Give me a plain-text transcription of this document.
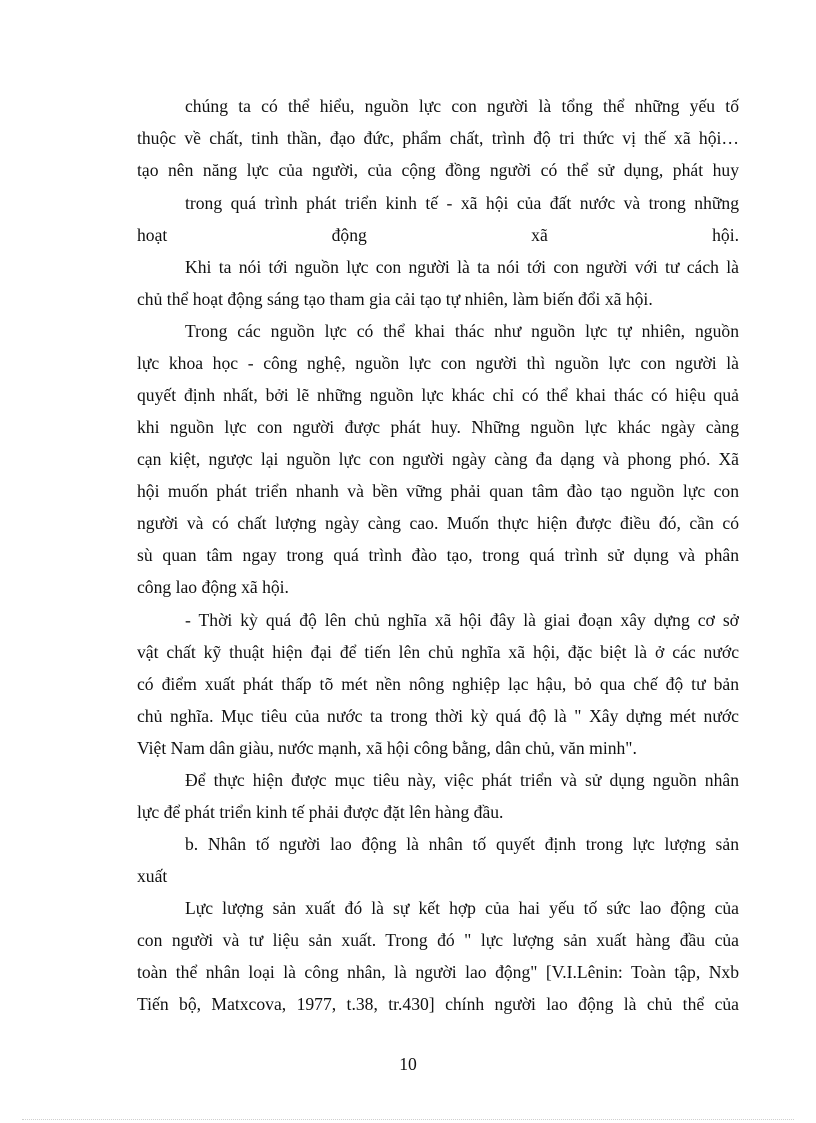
chúng ta có thể hiểu, nguồn lực con người là tổng thể những yếu tố
thuộc về chất, tinh thần, đạo đức, phẩm chất, trình độ tri thức vị thế xã hội…
tạo nên năng lực của người, của cộng đồng người có thể sử dụng, phát huy
trong quá trình phát triển kinh tế - xã hội của đất nước và trong những
hoạt động xã hội.
Khi ta nói tới nguồn lực con người là ta nói tới con người với tư cách là
chủ thể hoạt động sáng tạo tham gia cải tạo tự nhiên, làm biến đổi xã hội.
Trong các nguồn lực có thể khai thác như nguồn lực tự nhiên, nguồn
lực khoa học - công nghệ, nguồn lực con người thì nguồn lực con người là
quyết định nhất, bởi lẽ những nguồn lực khác chỉ có thể khai thác có hiệu quả
khi nguồn lực con người được phát huy. Những nguồn lực khác ngày càng
cạn kiệt, ngược lại nguồn lực con người ngày càng đa dạng và phong phó. Xã
hội muốn phát triển nhanh và bền vững phải quan tâm đào tạo nguồn lực con
người và có chất lượng ngày càng cao. Muốn thực hiện được điều đó, cần có
sù quan tâm ngay trong quá trình đào tạo, trong quá trình sử dụng và phân
công lao động xã hội.
- Thời kỳ quá độ lên chủ nghĩa xã hội đây là giai đoạn xây dựng cơ sở
vật chất kỹ thuật hiện đại để tiến lên chủ nghĩa xã hội, đặc biệt là ở các nước
có điểm xuất phát thấp tõ mét nền nông nghiệp lạc hậu, bỏ qua chế độ tư bản
chủ nghĩa. Mục tiêu của nước ta trong thời kỳ quá độ là " Xây dựng mét nước
Việt Nam dân giàu, nước mạnh, xã hội công bằng, dân chủ, văn minh".
Để thực hiện được mục tiêu này, việc phát triển và sử dụng nguồn nhân
lực để phát triển kinh tế phải được đặt lên hàng đầu.
b. Nhân tố người lao động là nhân tố quyết định trong lực lượng sản
xuất
Lực lượng sản xuất đó là sự kết hợp của hai yếu tố sức lao động của
con người và tư liệu sản xuất. Trong đó " lực lượng sản xuất hàng đầu của
toàn thể nhân loại là công nhân, là người lao động" [V.I.Lênin: Toàn tập, Nxb
Tiến bộ, Matxcova, 1977, t.38, tr.430] chính người lao động là chủ thể của
10
